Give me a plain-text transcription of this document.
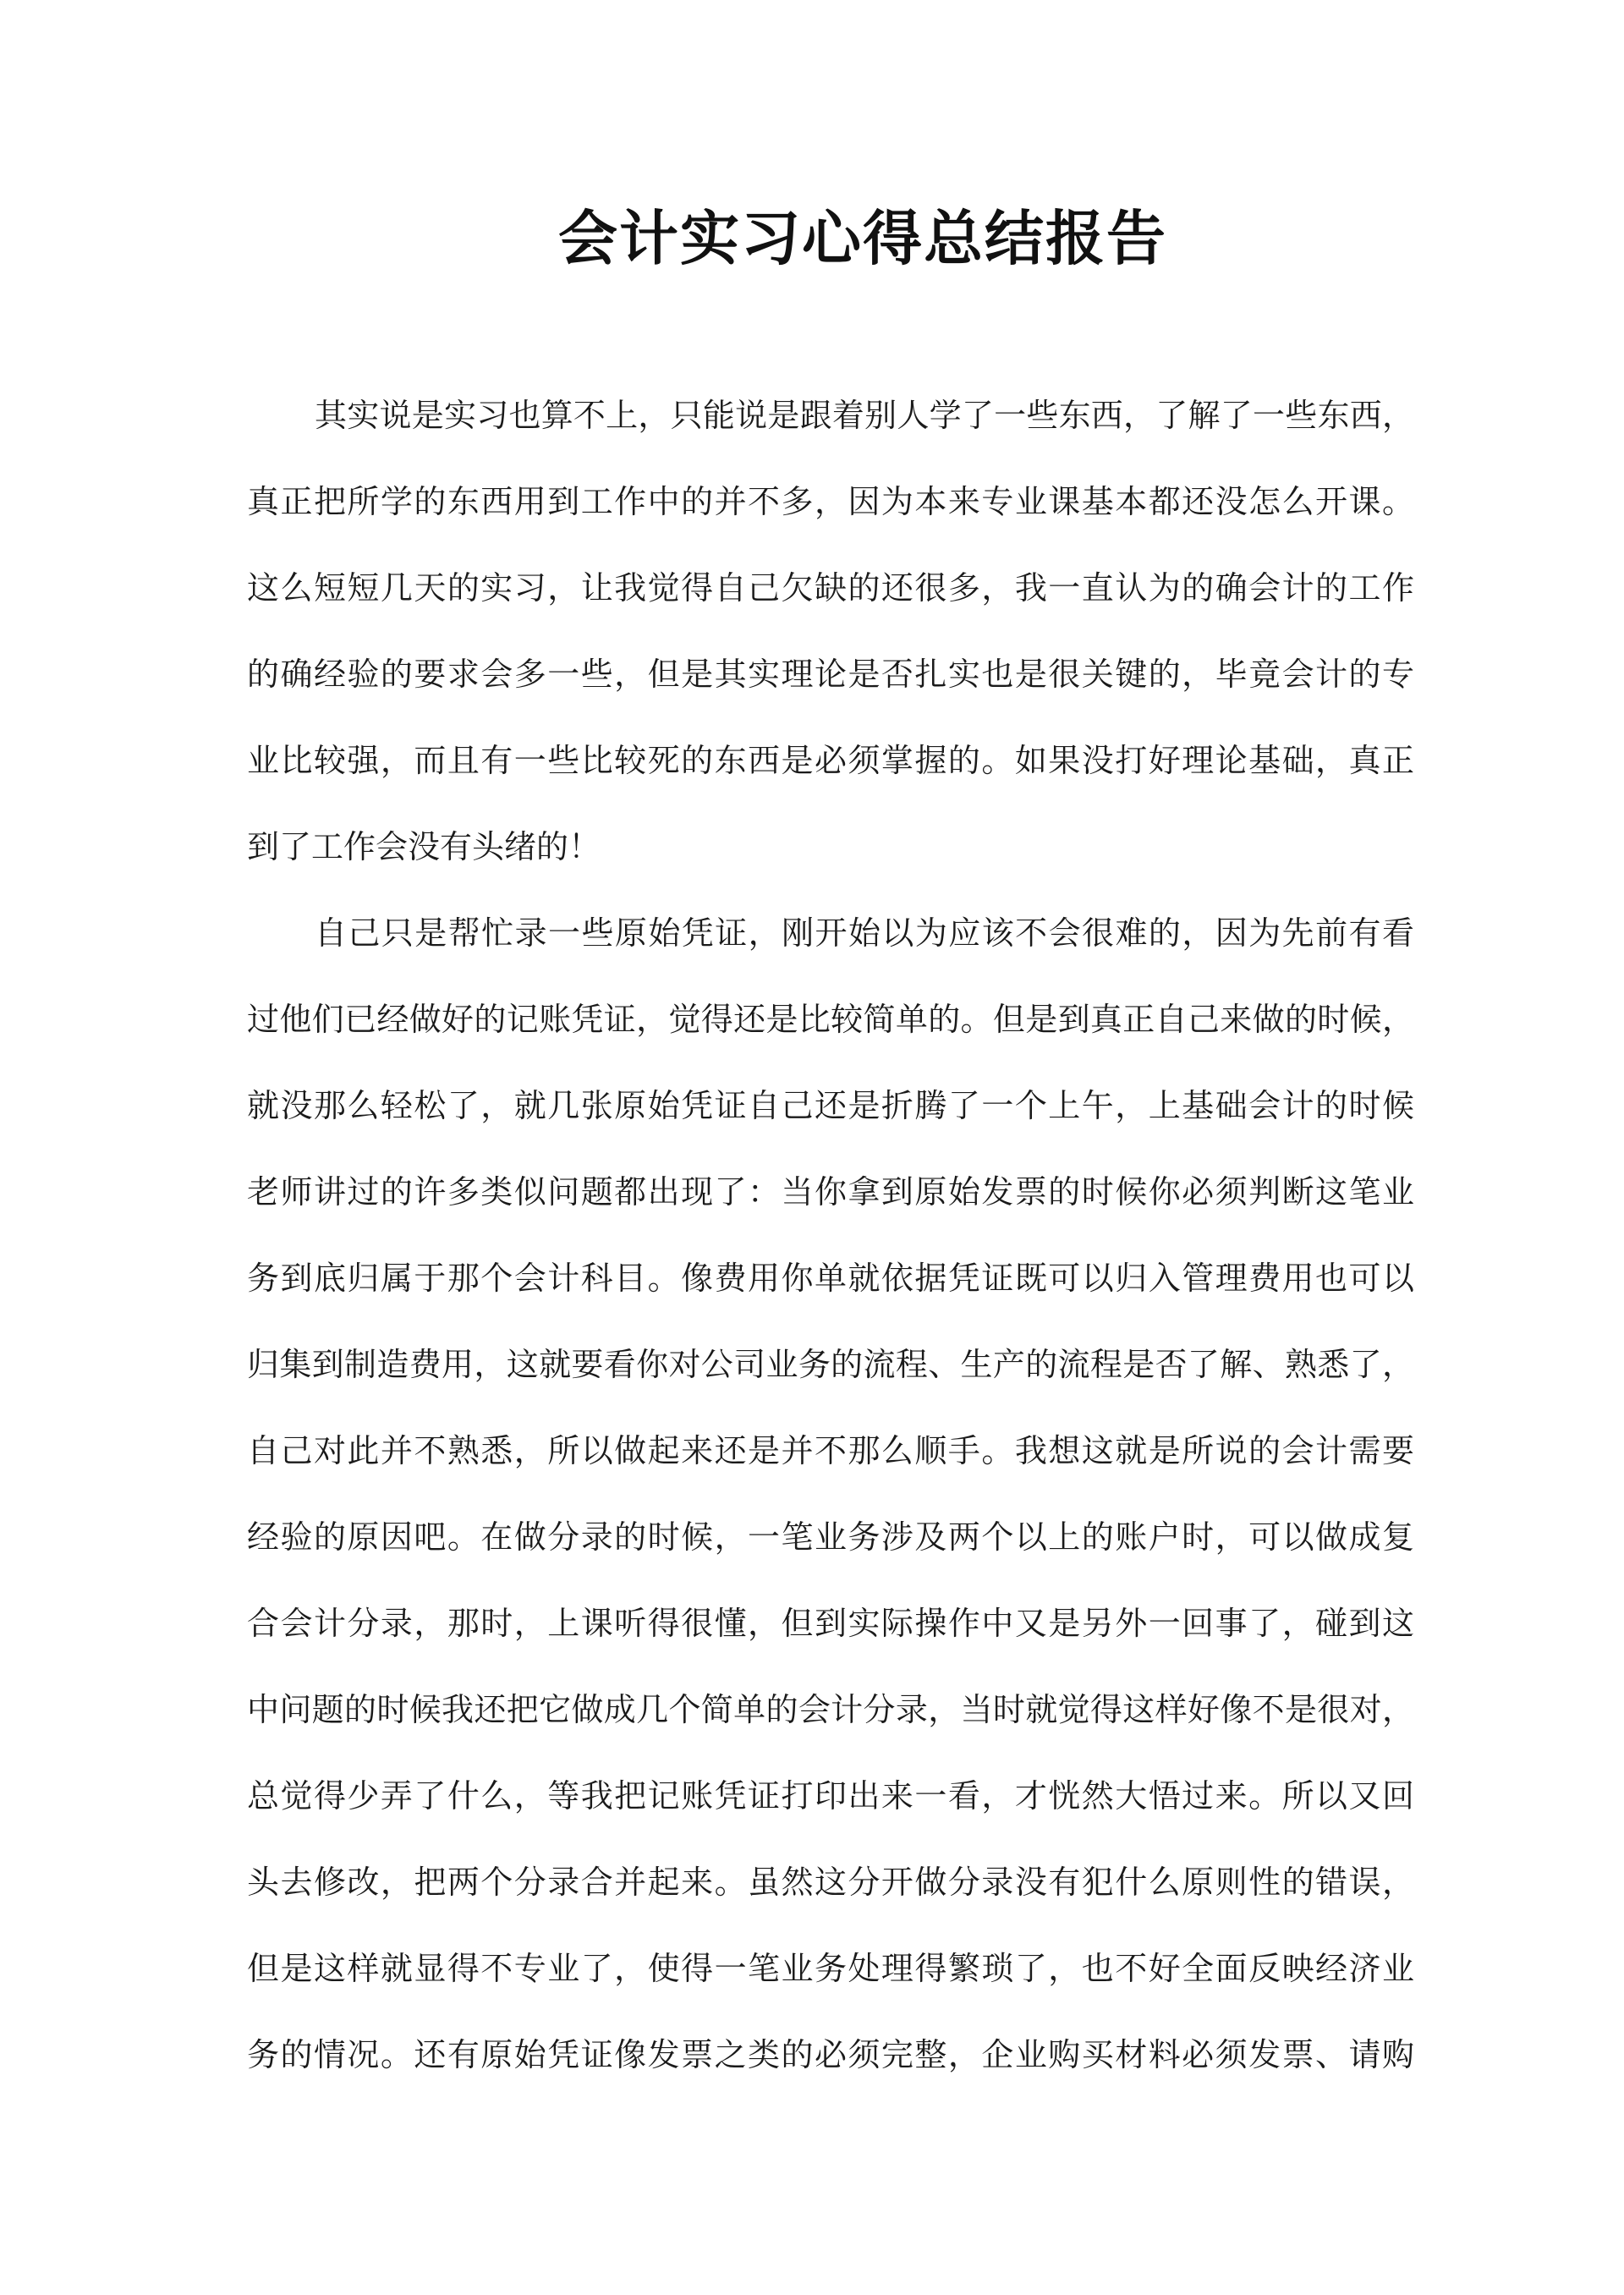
会计实习心得总结报告
其实说是实习也算不上，只能说是跟着别人学了一些东西，了解了一些东西，
真正把所学的东西用到工作中的并不多，因为本来专业课基本都还没怎么开课。
这么短短几天的实习，让我觉得自己欠缺的还很多，我一直认为的确会计的工作
的确经验的要求会多一些，但是其实理论是否扎实也是很关键的，毕竟会计的专
业比较强，而且有一些比较死的东西是必须掌握的。如果没打好理论基础，真正
到了工作会没有头绪的！
自己只是帮忙录一些原始凭证，刚开始以为应该不会很难的，因为先前有看
过他们已经做好的记账凭证，觉得还是比较简单的。但是到真正自己来做的时候，
就没那么轻松了，就几张原始凭证自己还是折腾了一个上午，上基础会计的时候
老师讲过的许多类似问题都出现了：当你拿到原始发票的时候你必须判断这笔业
务到底归属于那个会计科目。像费用你单就依据凭证既可以归入管理费用也可以
归集到制造费用，这就要看你对公司业务的流程、生产的流程是否了解、熟悉了，
自己对此并不熟悉，所以做起来还是并不那么顺手。我想这就是所说的会计需要
经验的原因吧。在做分录的时候，一笔业务涉及两个以上的账户时，可以做成复
合会计分录，那时，上课听得很懂，但到实际操作中又是另外一回事了，碰到这
中问题的时候我还把它做成几个简单的会计分录，当时就觉得这样好像不是很对，
总觉得少弄了什么，等我把记账凭证打印出来一看，才恍然大悟过来。所以又回
头去修改，把两个分录合并起来。虽然这分开做分录没有犯什么原则性的错误，
但是这样就显得不专业了，使得一笔业务处理得繁琐了，也不好全面反映经济业
务的情况。还有原始凭证像发票之类的必须完整，企业购买材料必须发票、请购
